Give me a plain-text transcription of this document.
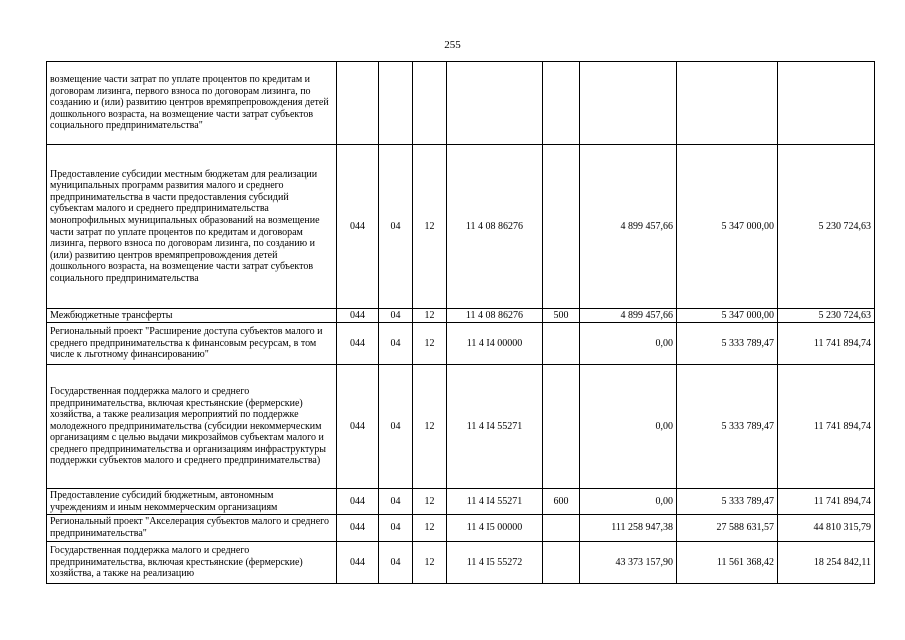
255
возмещение части затрат по уплате процентов по кредитам и договорам лизинга, первого взноса по договорам лизинга, по созданию и (или) развитию центров времяпрепровождения детей дошкольного возраста, на возмещение части затрат субъектов социального предпринимательства"								
Предоставление субсидии местным бюджетам для реализации муниципальных программ развития малого и среднего предпринимательства в части предоставления субсидий субъектам малого и среднего предпринимательства монопрофильных муниципальных образований на возмещение части затрат по уплате процентов по кредитам и договорам лизинга, первого взноса по договорам лизинга, по созданию и (или) развитию центров времяпрепровождения детей дошкольного возраста, на возмещение части затрат субъектов социального предпринимательства	044	04	12	11 4 08 86276		4 899 457,66	5 347 000,00	5 230 724,63
Межбюджетные трансферты	044	04	12	11 4 08 86276	500	4 899 457,66	5 347 000,00	5 230 724,63
Региональный проект "Расширение доступа субъектов малого и среднего предпринимательства к финансовым ресурсам, в том числе к льготному финансированию"	044	04	12	11 4 I4 00000		0,00	5 333 789,47	11 741 894,74
Государственная поддержка малого и среднего предпринимательства, включая крестьянские (фермерские) хозяйства, а также реализация мероприятий по поддержке молодежного предпринимательства (субсидии некоммерческим организациям с целью выдачи микрозаймов субъектам малого и среднего предпринимательства и организациям инфраструктуры поддержки субъектов малого и среднего предпринимательства)	044	04	12	11 4 I4 55271		0,00	5 333 789,47	11 741 894,74
Предоставление субсидий бюджетным, автономным учреждениям и иным некоммерческим организациям	044	04	12	11 4 I4 55271	600	0,00	5 333 789,47	11 741 894,74
Региональный проект "Акселерация субъектов малого и среднего предпринимательства"	044	04	12	11 4 I5 00000		111 258 947,38	27 588 631,57	44 810 315,79
Государственная поддержка малого и среднего предпринимательства, включая крестьянские (фермерские) хозяйства, а также на реализацию	044	04	12	11 4 I5 55272		43 373 157,90	11 561 368,42	18 254 842,11
